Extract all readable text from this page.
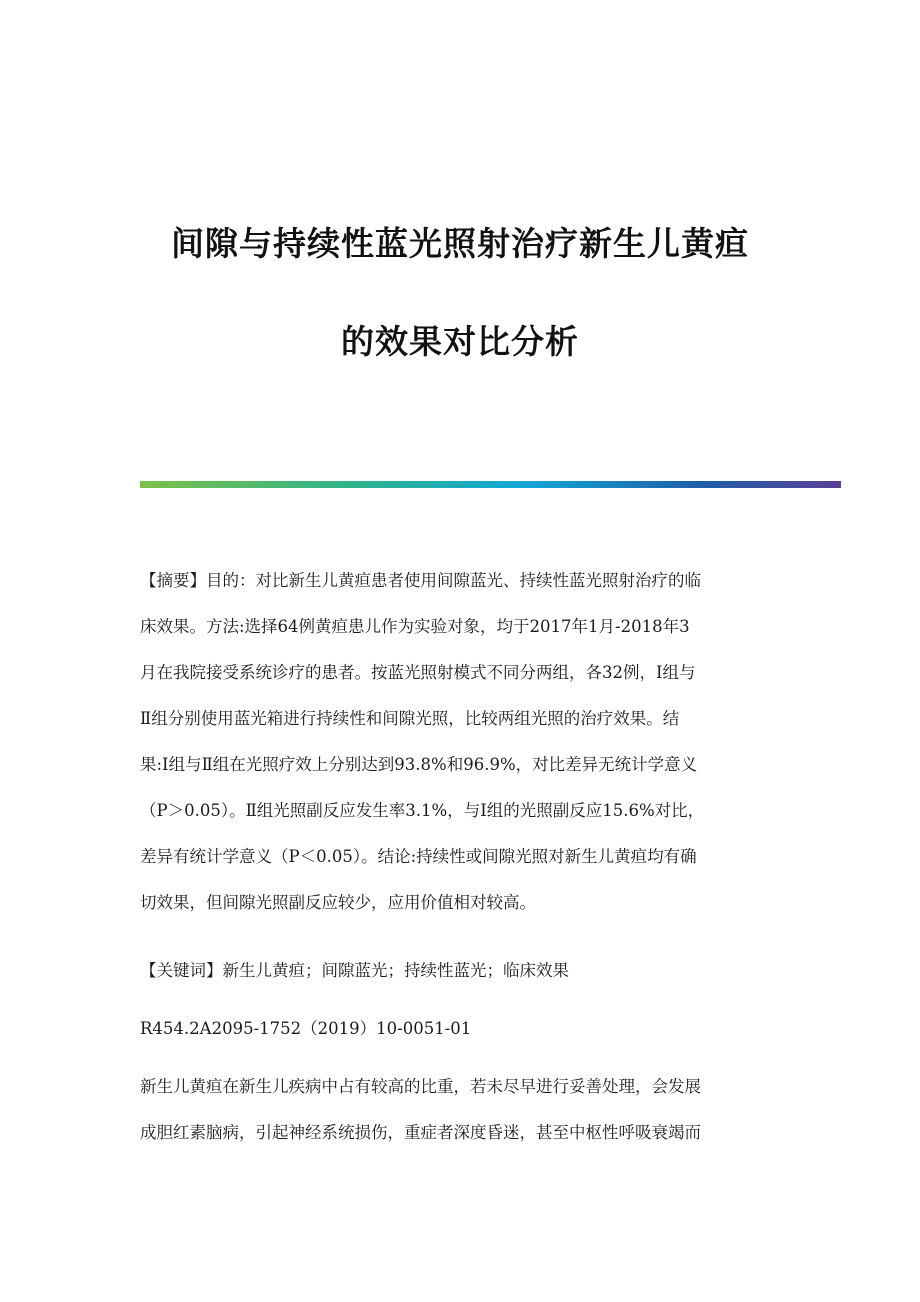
间隙与持续性蓝光照射治疗新生儿黄疸
的效果对比分析
【摘要】目的：对比新生儿黄疸患者使用间隙蓝光、持续性蓝光照射治疗的临
床效果。方法:选择64例黄疸患儿作为实验对象，均于2017年1月-2018年3
月在我院接受系统诊疗的患者。按蓝光照射模式不同分两组，各32例，Ⅰ组与
Ⅱ组分别使用蓝光箱进行持续性和间隙光照，比较两组光照的治疗效果。结
果:Ⅰ组与Ⅱ组在光照疗效上分别达到93.8%和96.9%，对比差异无统计学意义
（P＞0.05）。Ⅱ组光照副反应发生率3.1%，与Ⅰ组的光照副反应15.6%对比，
差异有统计学意义（P＜0.05）。结论:持续性或间隙光照对新生儿黄疸均有确
切效果，但间隙光照副反应较少，应用价值相对较高。
【关键词】新生儿黄疸；间隙蓝光；持续性蓝光；临床效果
R454.2A2095-1752（2019）10-0051-01
新生儿黄疸在新生儿疾病中占有较高的比重，若未尽早进行妥善处理，会发展
成胆红素脑病，引起神经系统损伤，重症者深度昏迷，甚至中枢性呼吸衰竭而
